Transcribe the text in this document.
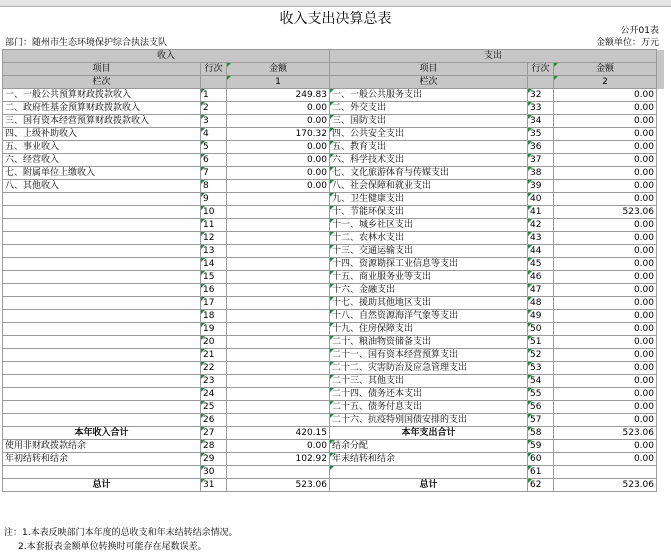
收入支出决算总表
公开01表
部门：随州市生态环境保护综合执法支队	金额单位：万元
收入			支出			
项目	行次	金额	项目	行次	金额	
栏次		1	栏次		2	
一、一般公共预算财政拨款收入	1	249.83	一、一般公共服务支出	32	0.00	
二、政府性基金预算财政拨款收入	2	0.00	二、外交支出	33	0.00	
三、国有资本经营预算财政拨款收入	3	0.00	三、国防支出	34	0.00	
四、上级补助收入	4	170.32	四、公共安全支出	35	0.00	
五、事业收入	5	0.00	五、教育支出	36	0.00	
六、经营收入	6	0.00	六、科学技术支出	37	0.00	
七、附属单位上缴收入	7	0.00	七、文化旅游体育与传媒支出	38	0.00	
八、其他收入	8	0.00	八、社会保障和就业支出	39	0.00	
	9		九、卫生健康支出	40	0.00	
	10		十、节能环保支出	41	523.06	
	11		十一、城乡社区支出	42	0.00	
	12		十二、农林水支出	43	0.00	
	13		十三、交通运输支出	44	0.00	
	14		十四、资源勘探工业信息等支出	45	0.00	
	15		十五、商业服务业等支出	46	0.00	
	16		十六、金融支出	47	0.00	
	17		十七、援助其他地区支出	48	0.00	
	18		十八、自然资源海洋气象等支出	49	0.00	
	19		十九、住房保障支出	50	0.00	
	20		二十、粮油物资储备支出	51	0.00	
	21		二十一、国有资本经营预算支出	52	0.00	
	22		二十二、灾害防治及应急管理支出	53	0.00	
	23		二十三、其他支出	54	0.00	
	24		二十四、债务还本支出	55	0.00	
	25		二十五、债务付息支出	56	0.00	
	26		二十六、抗疫特别国债安排的支出	57	0.00	
本年收入合计	27	420.15	本年支出合计	58	523.06	
使用非财政拨款结余	28	0.00	结余分配	59	0.00	
年初结转和结余	29	102.92	年末结转和结余	60	0.00	
	30			61		
总计	31	523.06	总计	62	523.06	
注：1.本表反映部门本年度的总收支和年末结转结余情况。
2.本套报表金额单位转换时可能存在尾数误差。
